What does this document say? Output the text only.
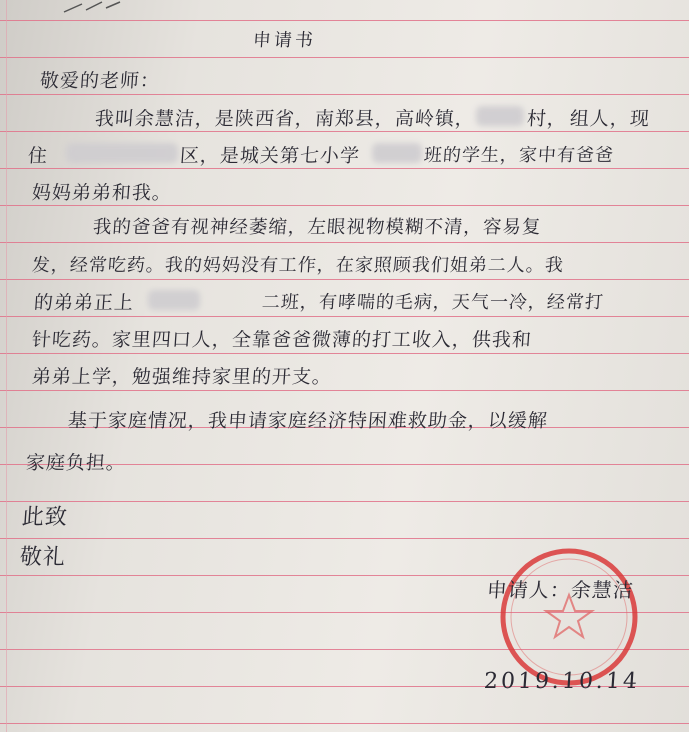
申请书
敬爱的老师：
我叫余慧洁，是陕西省，南郑县，高岭镇，	村， 组人，现
住	区，是城关第七小学	班的学生，家中有爸爸
妈妈弟弟和我。
我的爸爸有视神经萎缩，左眼视物模糊不清，容易复
发，经常吃药。我的妈妈没有工作，在家照顾我们姐弟二人。我
的弟弟正上	二班，有哮喘的毛病，天气一冷，经常打
针吃药。家里四口人，全靠爸爸微薄的打工收入，供我和
弟弟上学，勉强维持家里的开支。
基于家庭情况，我申请家庭经济特困难救助金，以缓解
家庭负担。
此致
敬礼
申请人：余慧洁
2019.10.14
